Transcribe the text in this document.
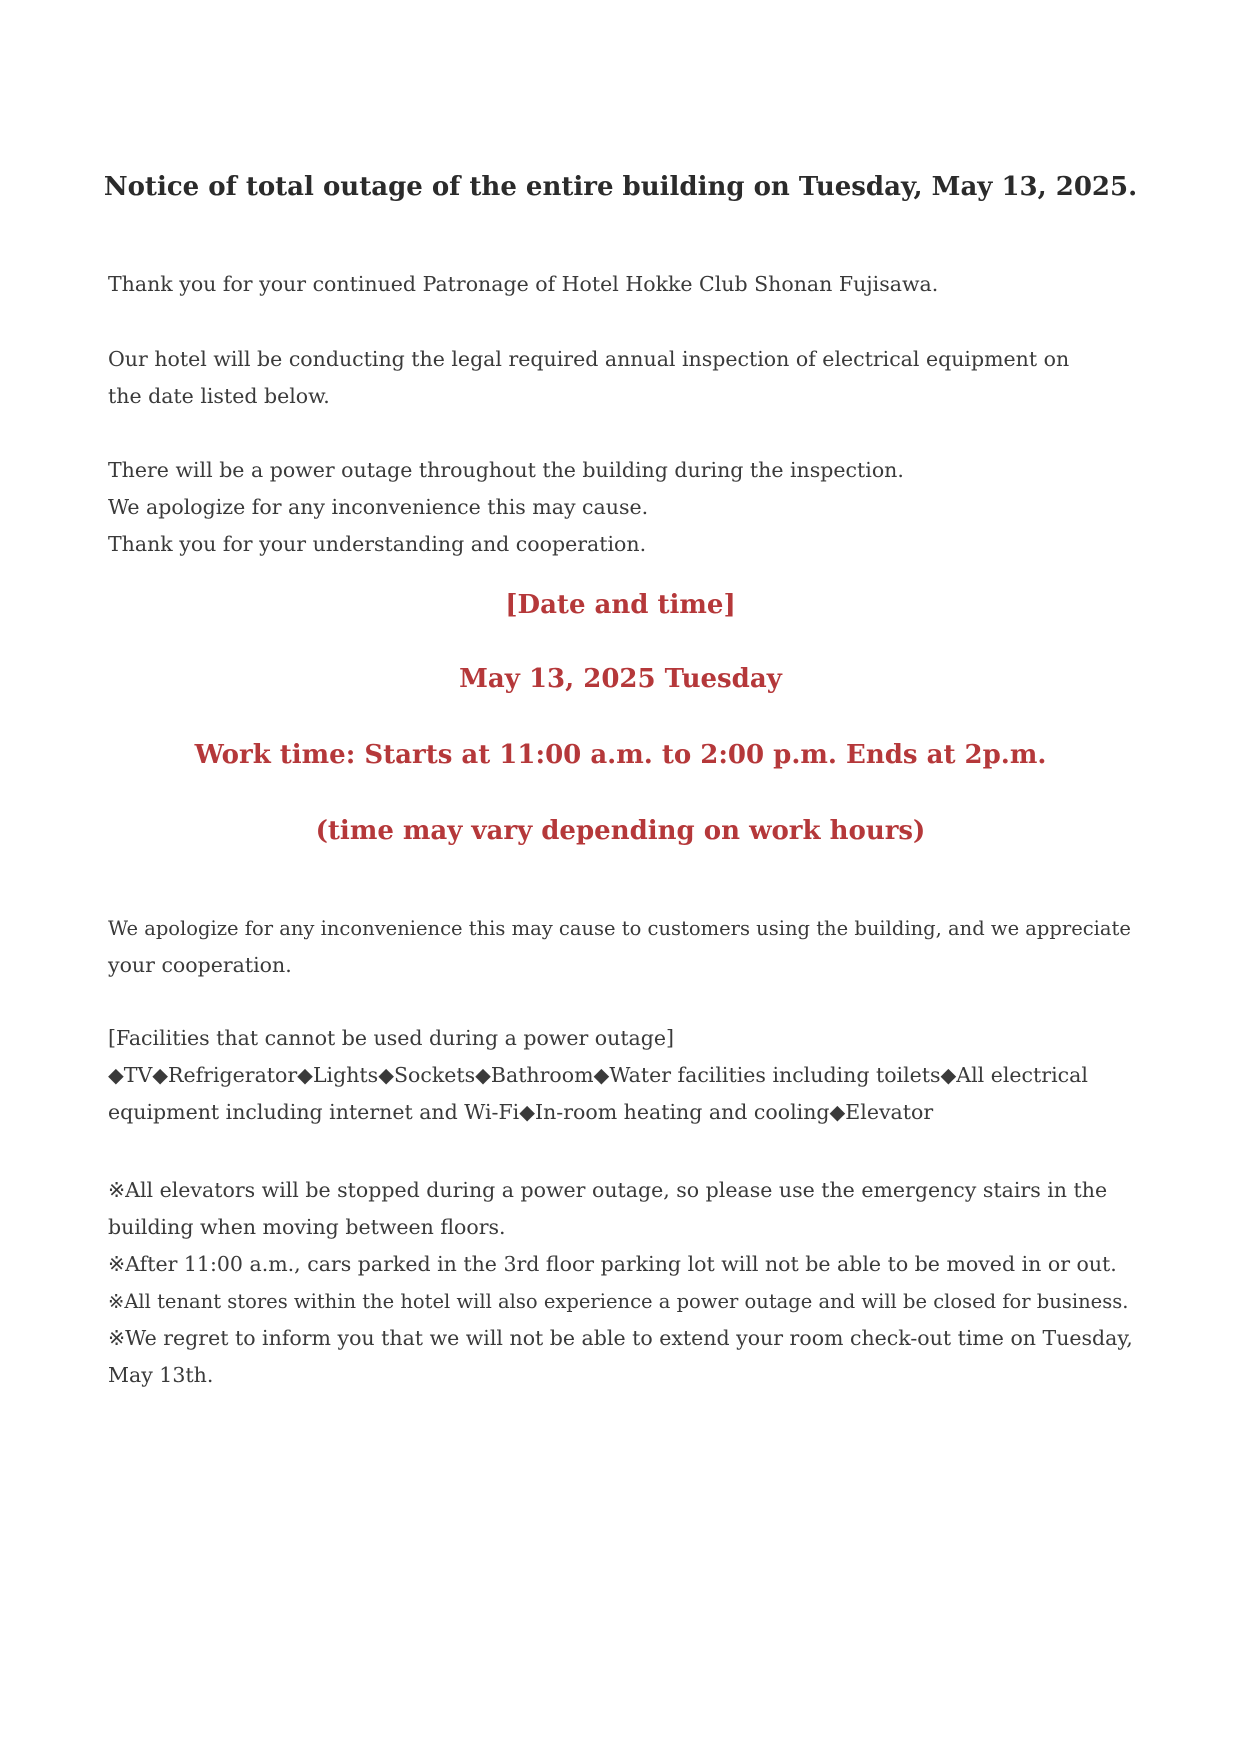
Notice of total outage of the entire building on Tuesday, May 13, 2025.
Thank you for your continued Patronage of Hotel Hokke Club Shonan Fujisawa.
Our hotel will be conducting the legal required annual inspection of electrical equipment on
the date listed below.
There will be a power outage throughout the building during the inspection.
We apologize for any inconvenience this may cause.
Thank you for your understanding and cooperation.
[Date and time]
May 13, 2025 Tuesday
Work time: Starts at 11:00 a.m. to 2:00 p.m. Ends at 2p.m.
(time may vary depending on work hours)
We apologize for any inconvenience this may cause to customers using the building, and we appreciate
your cooperation.
[Facilities that cannot be used during a power outage]
◆TV◆Refrigerator◆Lights◆Sockets◆Bathroom◆Water facilities including toilets◆All electrical
equipment including internet and Wi-Fi◆In-room heating and cooling◆Elevator
※All elevators will be stopped during a power outage, so please use the emergency stairs in the
building when moving between floors.
※After 11:00 a.m., cars parked in the 3rd floor parking lot will not be able to be moved in or out.
※All tenant stores within the hotel will also experience a power outage and will be closed for business.
※We regret to inform you that we will not be able to extend your room check-out time on Tuesday,
May 13th.
